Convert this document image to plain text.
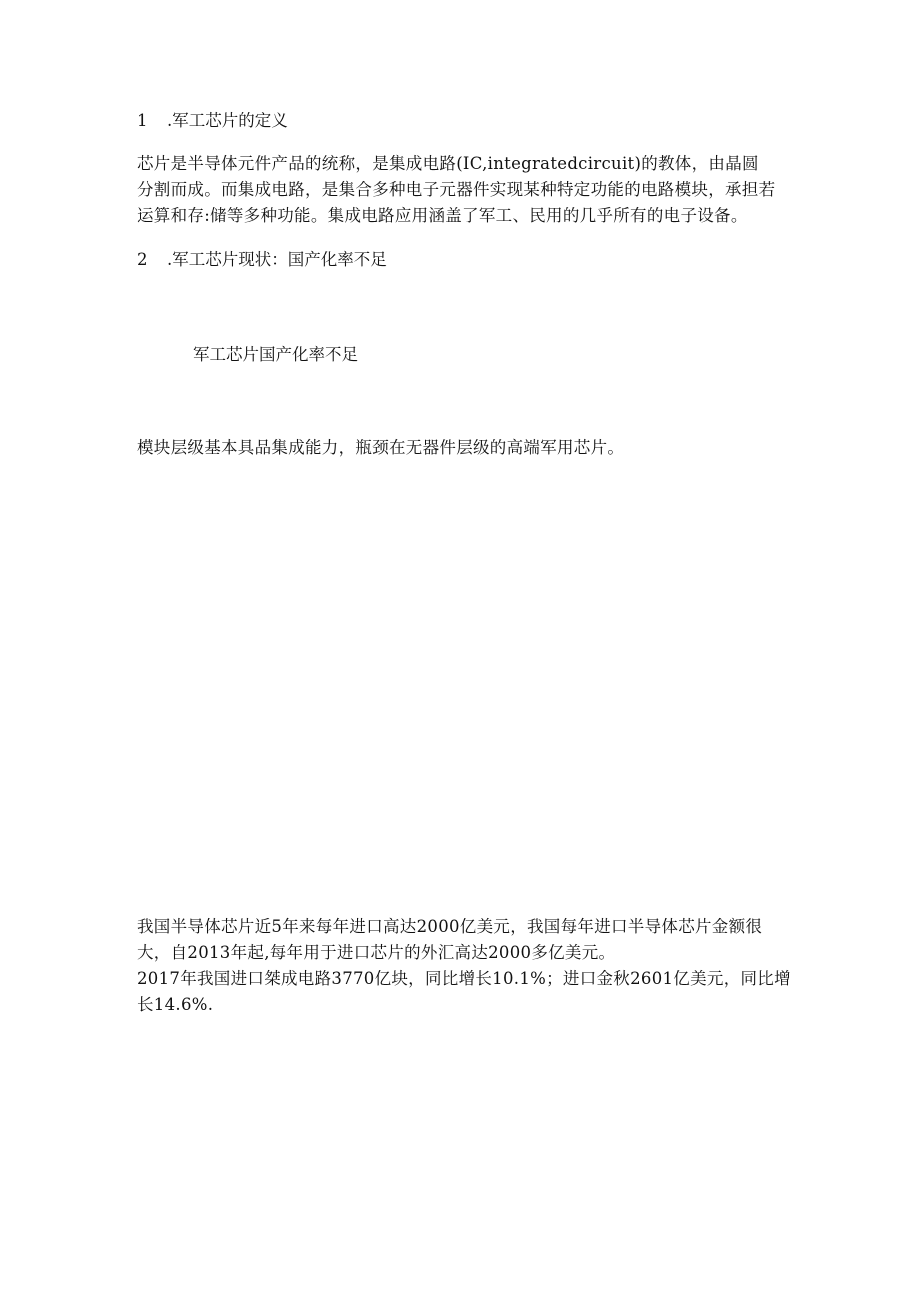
1 .军工芯片的定义
芯片是半导体元件产品的统称，是集成电路(IC,integratedcircuit)的教体，由晶圆
分割而成。而集成电路，是集合多种电子元器件实现某种特定功能的电路模块，承担若
运算和存:储等多种功能。集成电路应用涵盖了军工、民用的几乎所有的电子设备。
2 .军工芯片现状：国产化率不足
军工芯片国产化率不足
模块层级基本具品集成能力，瓶颈在无器件层级的高端军用芯片。
我国半导体芯片近5年来每年进口高达2000亿美元，我国每年进口半导体芯片金额很
大，自2013年起,每年用于进口芯片的外汇高达2000多亿美元。
2017年我国进口桀成电路3770亿块，同比增长10.1%；进口金秋2601亿美元，同比增
长14.6%.
